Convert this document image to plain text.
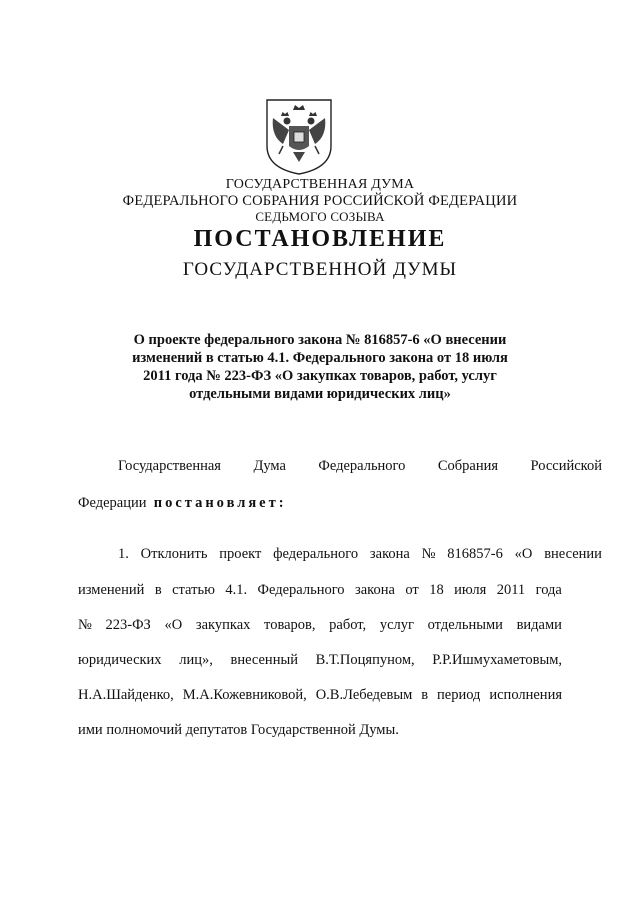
ГОСУДАРСТВЕННАЯ ДУМА
ФЕДЕРАЛЬНОГО СОБРАНИЯ РОССИЙСКОЙ ФЕДЕРАЦИИ
СЕДЬМОГО СОЗЫВА
ПОСТАНОВЛЕНИЕ
ГОСУДАРСТВЕННОЙ ДУМЫ
О проекте федерального закона № 816857-6 «О внесении
изменений в статью 4.1. Федерального закона от 18 июля
2011 года № 223-ФЗ «О закупках товаров, работ, услуг
отдельными видами юридических лиц»
Государственная Дума Федерального Собрания Российской
Федерации
постановляет:
1. Отклонить проект федерального закона № 816857-6 «О внесении
изменений в статью 4.1. Федерального закона от 18 июля 2011 года
№ 223-ФЗ «О закупках товаров, работ, услуг отдельными видами
юридических лиц», внесенный В.Т.Поцяпуном, Р.Р.Ишмухаметовым,
Н.А.Шайденко, М.А.Кожевниковой, О.В.Лебедевым в период исполнения
ими полномочий депутатов Государственной Думы.
